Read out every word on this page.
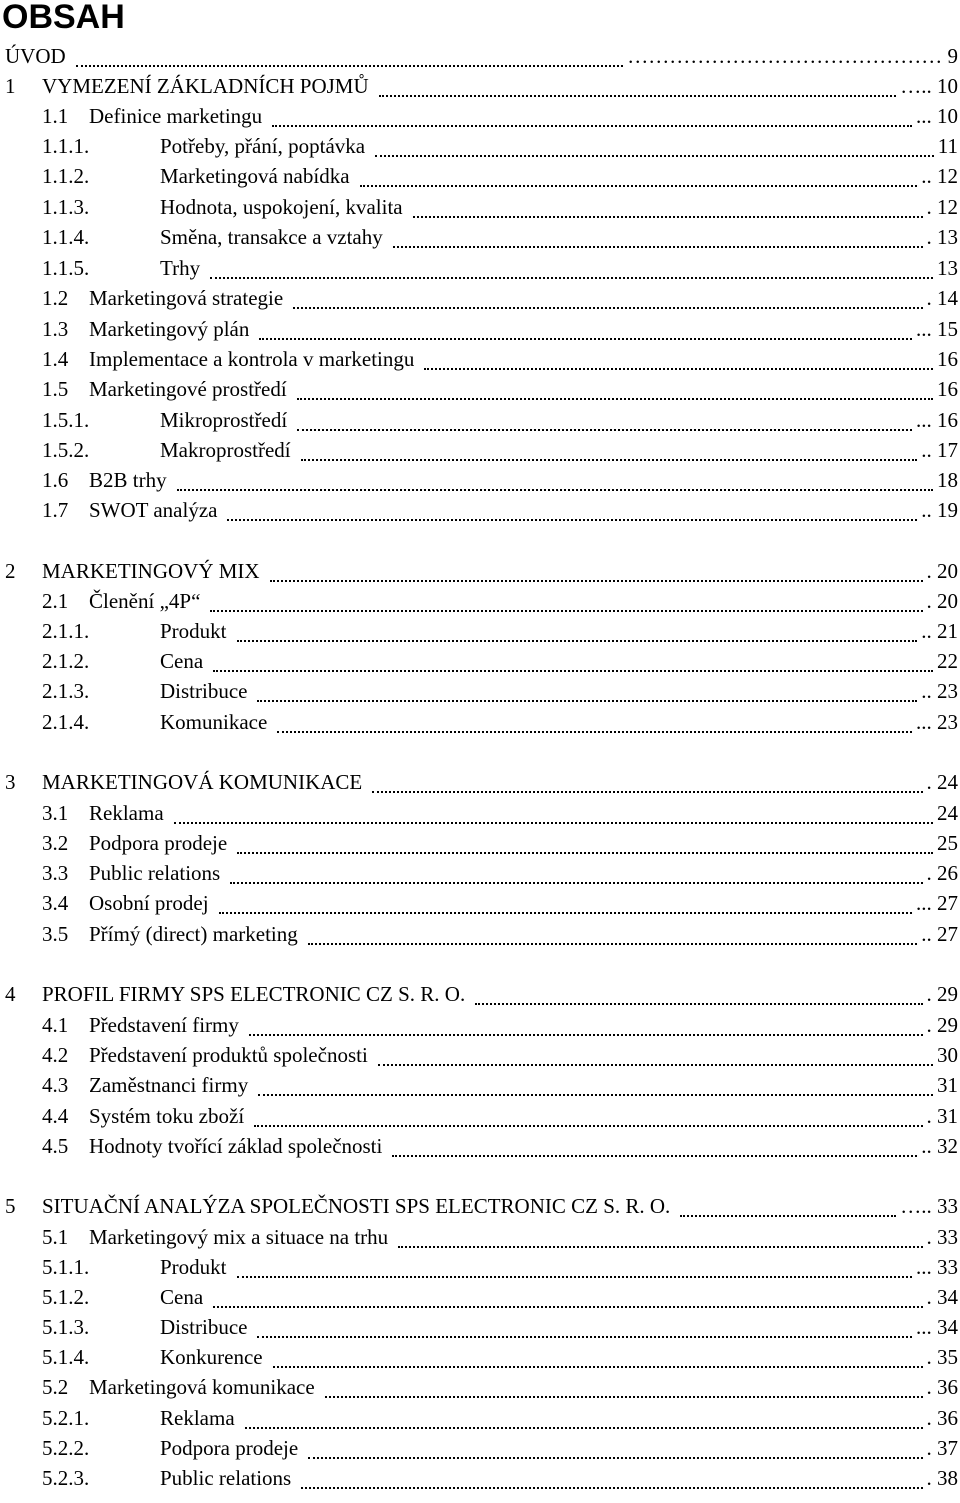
OBSAH
ÚVOD	……………………………………… 9
1 VYMEZENÍ ZÁKLADNÍCH POJMŮ	….. 10
1.1 Definice marketingu	... 10
1.1.1.	Potřeby, přání, poptávka	11
1.1.2.	Marketingová nabídka	.. 12
1.1.3.	Hodnota, uspokojení, kvalita	. 12
1.1.4.	Směna, transakce a vztahy	. 13
1.1.5.	Trhy	13
1.2 Marketingová strategie	. 14
1.3 Marketingový plán	... 15
1.4 Implementace a kontrola v marketingu	16
1.5 Marketingové prostředí	16
1.5.1.	Mikroprostředí	... 16
1.5.2.	Makroprostředí	.. 17
1.6 B2B trhy	18
1.7 SWOT analýza	.. 19
2 MARKETINGOVÝ MIX	. 20
2.1 Členění „4P“	. 20
2.1.1.	Produkt	.. 21
2.1.2.	Cena	22
2.1.3.	Distribuce	.. 23
2.1.4.	Komunikace	... 23
3 MARKETINGOVÁ KOMUNIKACE	. 24
3.1 Reklama	24
3.2 Podpora prodeje	25
3.3 Public relations	. 26
3.4 Osobní prodej	... 27
3.5 Přímý (direct) marketing	.. 27
4 PROFIL FIRMY SPS ELECTRONIC CZ S. R. O.	. 29
4.1 Představení firmy	. 29
4.2 Představení produktů společnosti	30
4.3 Zaměstnanci firmy	31
4.4 Systém toku zboží	. 31
4.5 Hodnoty tvořící základ společnosti	.. 32
5 SITUAČNÍ ANALÝZA SPOLEČNOSTI SPS ELECTRONIC CZ S. R. O.	….. 33
5.1 Marketingový mix a situace na trhu	. 33
5.1.1.	Produkt	... 33
5.1.2.	Cena	. 34
5.1.3.	Distribuce	... 34
5.1.4.	Konkurence	. 35
5.2 Marketingová komunikace	. 36
5.2.1.	Reklama	. 36
5.2.2.	Podpora prodeje	. 37
5.2.3.	Public relations	. 38
